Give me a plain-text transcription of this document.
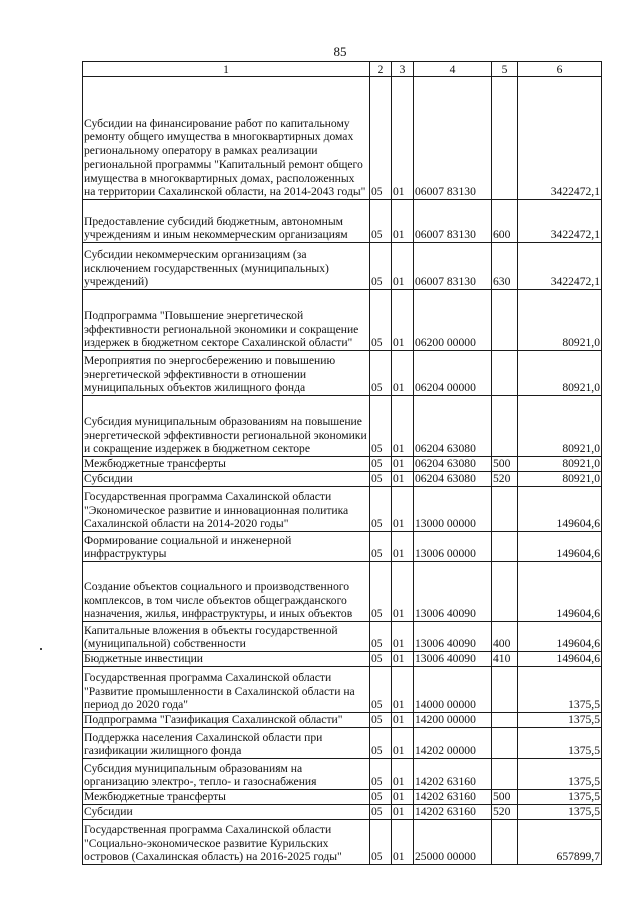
85
1	2	3	4	5	6
Субсидии на финансирование работ по капитальному ремонту общего имущества в многоквартирных домах региональному оператору в рамках реализации региональной программы "Капитальный ремонт общего имущества в многоквартирных домах, расположенных на территории Сахалинской области, на 2014-2043 годы"	05	01	06007 83130		3422472,1
Предоставление субсидий бюджетным, автономным учреждениям и иным некоммерческим организациям	05	01	06007 83130	600	3422472,1
Субсидии некоммерческим организациям (за исключением государственных (муниципальных) учреждений)	05	01	06007 83130	630	3422472,1
Подпрограмма "Повышение энергетической эффективности региональной экономики и сокращение издержек в бюджетном секторе Сахалинской области"	05	01	06200 00000		80921,0
Мероприятия по энергосбережению и повышению энергетической эффективности в отношении муниципальных объектов жилищного фонда	05	01	06204 00000		80921,0
Субсидия муниципальным образованиям на повышение энергетической эффективности региональной экономики и сокращение издержек в бюджетном секторе	05	01	06204 63080		80921,0
Межбюджетные трансферты	05	01	06204 63080	500	80921,0
Субсидии	05	01	06204 63080	520	80921,0
Государственная программа Сахалинской области "Экономическое развитие и инновационная политика Сахалинской области на 2014-2020 годы"	05	01	13000 00000		149604,6
Формирование социальной и инженерной инфраструктуры	05	01	13006 00000		149604,6
Создание объектов социального и производственного комплексов, в том числе объектов общегражданского назначения, жилья, инфраструктуры, и иных объектов	05	01	13006 40090		149604,6
Капитальные вложения в объекты государственной (муниципальной) собственности	05	01	13006 40090	400	149604,6
Бюджетные инвестиции	05	01	13006 40090	410	149604,6
Государственная программа Сахалинской области "Развитие промышленности в Сахалинской области на период до 2020 года"	05	01	14000 00000		1375,5
Подпрограмма "Газификация Сахалинской области"	05	01	14200 00000		1375,5
Поддержка населения Сахалинской области при газификации жилищного фонда	05	01	14202 00000		1375,5
Субсидия муниципальным образованиям на организацию электро-, тепло- и газоснабжения	05	01	14202 63160		1375,5
Межбюджетные трансферты	05	01	14202 63160	500	1375,5
Субсидии	05	01	14202 63160	520	1375,5
Государственная программа Сахалинской области "Социально-экономическое развитие Курильских островов (Сахалинская область) на 2016-2025 годы"	05	01	25000 00000		657899,7
